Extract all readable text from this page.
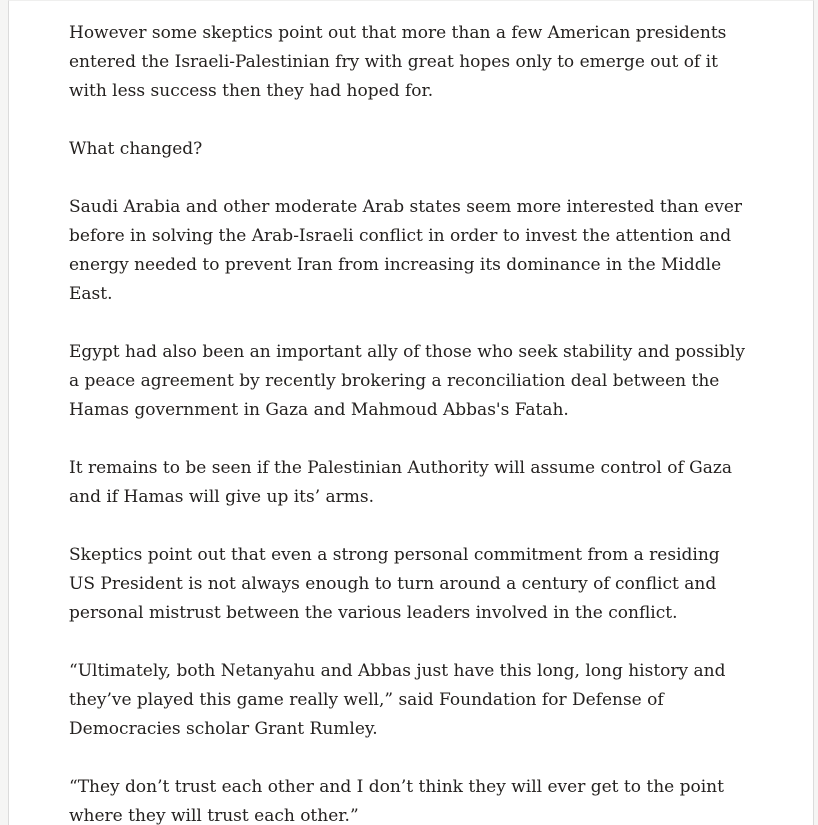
However some skeptics point out that more than a few American presidents entered the Israeli-Palestinian fry with great hopes only to emerge out of it with less success then they had hoped for.

What changed?

Saudi Arabia and other moderate Arab states seem more interested than ever before in solving the Arab-Israeli conflict in order to invest the attention and energy needed to prevent Iran from increasing its dominance in the Middle East.

Egypt had also been an important ally of those who seek stability and possibly a peace agreement by recently brokering a reconciliation deal between the Hamas government in Gaza and Mahmoud Abbas's Fatah.

It remains to be seen if the Palestinian Authority will assume control of Gaza and if Hamas will give up its’ arms.

Skeptics point out that even a strong personal commitment from a residing US President is not always enough to turn around a century of conflict and personal mistrust between the various leaders involved in the conflict.

“Ultimately, both Netanyahu and Abbas just have this long, long history and they’ve played this game really well,” said Foundation for Defense of Democracies scholar Grant Rumley.

“They don’t trust each other and I don’t think they will ever get to the point where they will trust each other.”
